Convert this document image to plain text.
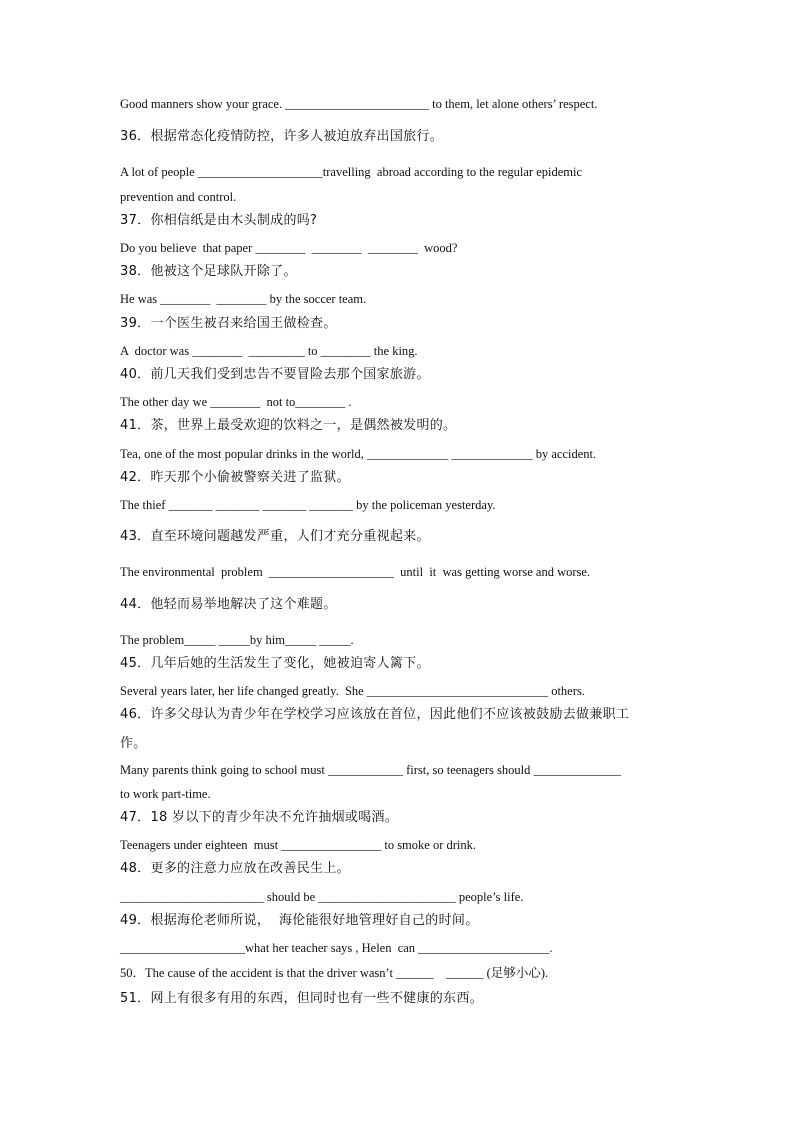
Good manners show your grace. _______________________ to them, let alone others’ respect.
36．根据常态化疫情防控，许多人被迫放弃出国旅行。
A lot of people ____________________travelling  abroad according to the regular epidemic
prevention and control.
37．你相信纸是由木头制成的吗?
Do you believe  that paper ________  ________  ________  wood?
38．他被这个足球队开除了。
He was ________  ________ by the soccer team.
39．一个医生被召来给国王做检查。
A  doctor was ________  _________ to ________ the king.
40．前几天我们受到忠告不要冒险去那个国家旅游。
The other day we ________  not to________ .
41．茶，世界上最受欢迎的饮料之一，是偶然被发明的。
Tea, one of the most popular drinks in the world, _____________ _____________ by accident.
42．昨天那个小偷被警察关进了监狱。
The thief _______ _______ _______ _______ by the policeman yesterday.
43．直至环境问题越发严重，人们才充分重视起来。
The environmental  problem  ____________________  until  it  was getting worse and worse.
44．他轻而易举地解决了这个难题。
The problem_____ _____by him_____ _____.
45．几年后她的生活发生了变化，她被迫寄人篱下。
Several years later, her life changed greatly.  She _____________________________ others.
46．许多父母认为青少年在学校学习应该放在首位，因此他们不应该被鼓励去做兼职工
作。
Many parents think going to school must ____________ first, so teenagers should ______________
to work part-time.
47．18 岁以下的青少年决不允许抽烟或喝酒。
Teenagers under eighteen  must ________________ to smoke or drink.
48．更多的注意力应放在改善民生上。
_______________________ should be ______________________ people’s life.
49．根据海伦老师所说，  海伦能很好地管理好自己的时间。
____________________what her teacher says , Helen  can _____________________.
50．The cause of the accident is that the driver wasn’t ______    ______ (足够小心).
51．网上有很多有用的东西，但同时也有一些不健康的东西。
